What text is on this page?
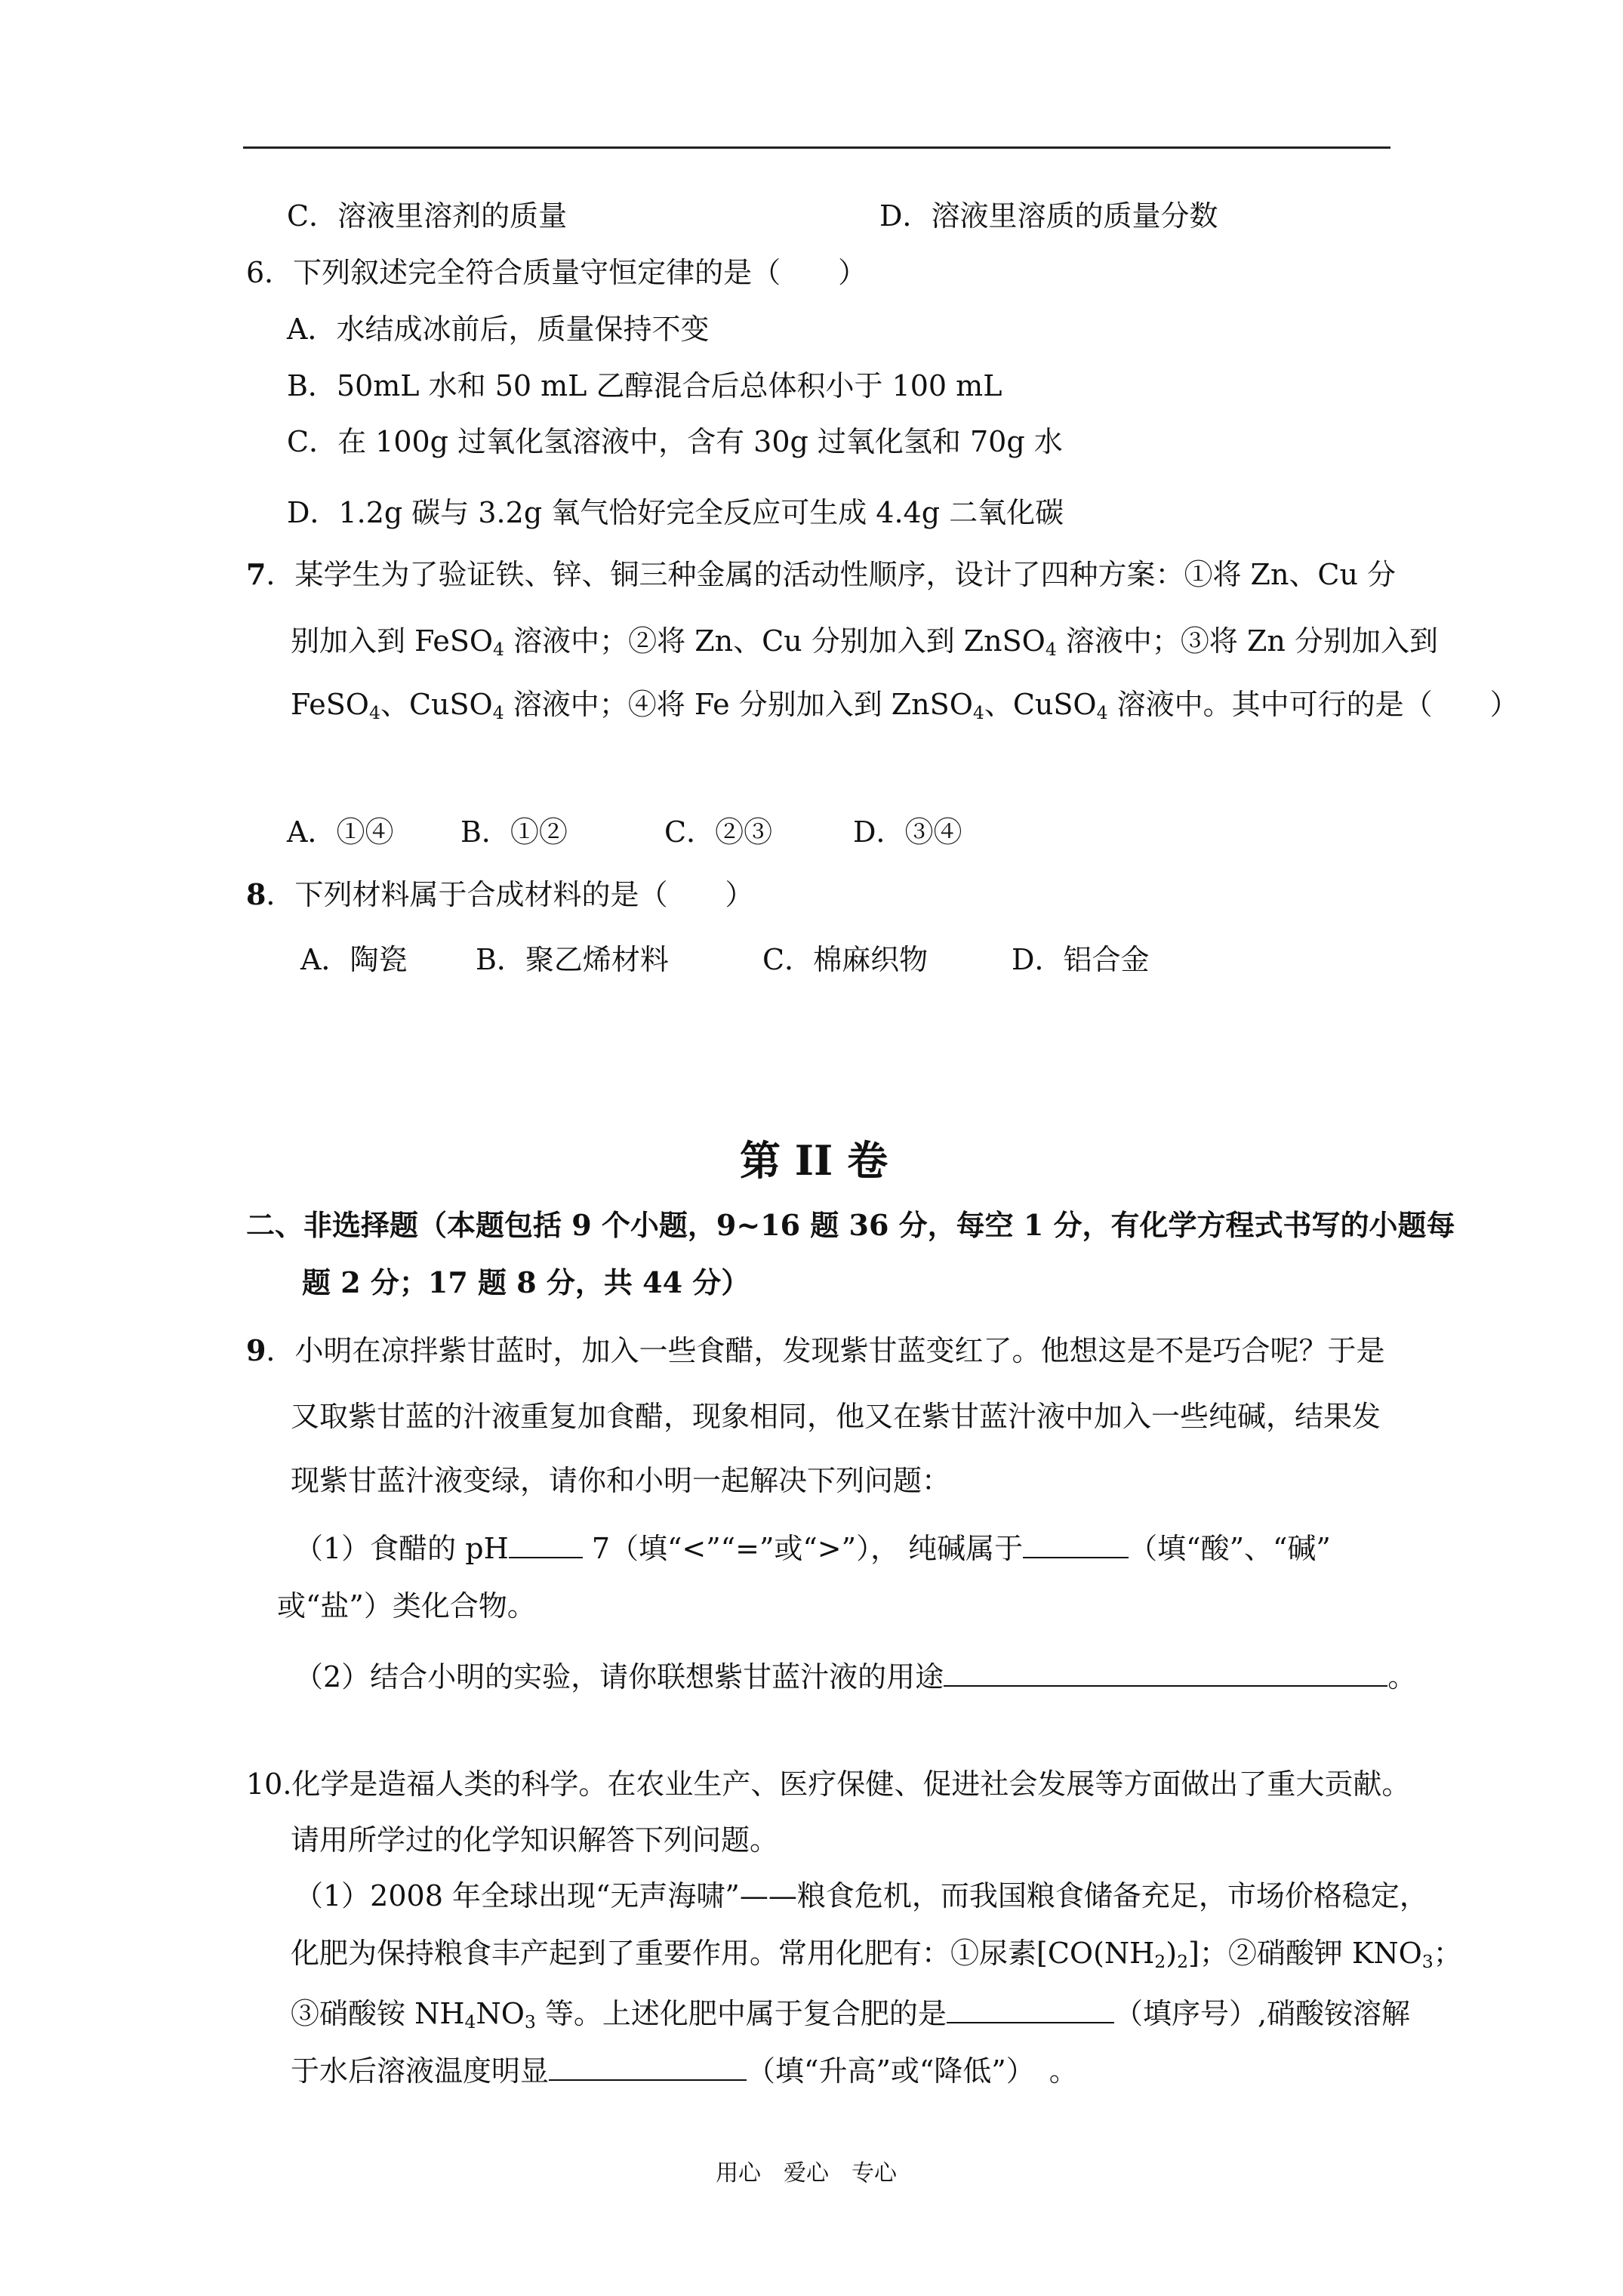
C．溶液里溶剂的质量	D．溶液里溶质的质量分数
6．下列叙述完全符合质量守恒定律的是（　　）
A．水结成冰前后，质量保持不变
B．50mL 水和 50 mL 乙醇混合后总体积小于 100 mL
C．在 100g 过氧化氢溶液中，含有 30g 过氧化氢和 70g 水
D．1.2g 碳与 3.2g 氧气恰好完全反应可生成 4.4g 二氧化碳
7．某学生为了验证铁、锌、铜三种金属的活动性顺序，设计了四种方案：①将 Zn、Cu 分
别加入到 FeSO$_4$ 溶液中；②将 Zn、Cu 分别加入到 ZnSO$_4$ 溶液中；③将 Zn 分别加入到
FeSO$_4$、CuSO$_4$ 溶液中；④将 Fe 分别加入到 ZnSO$_4$、CuSO$_4$ 溶液中。其中可行的是（　　）
A．①④ B．①②	C．②③	D．③④
8．下列材料属于合成材料的是（　　）
A．陶瓷 B．聚乙烯材料	C．棉麻织物	D．铝合金
第 II 卷
二、非选择题（本题包括 9 个小题，9~16 题 36 分，每空 1 分，有化学方程式书写的小题每
题 2 分；17 题 8 分，共 44 分）
9．小明在凉拌紫甘蓝时，加入一些食醋，发现紫甘蓝变红了。他想这是不是巧合呢？于是
又取紫甘蓝的汁液重复加食醋，现象相同，他又在紫甘蓝汁液中加入一些纯碱，结果发
现紫甘蓝汁液变绿，请你和小明一起解决下列问题：
（1）食醋的 pH	7（填“<”“=”或“>”）， 纯碱属于	（填“酸”、“碱”
或“盐”）类化合物。
（2）结合小明的实验，请你联想紫甘蓝汁液的用途	。
10.化学是造福人类的科学。在农业生产、医疗保健、促进社会发展等方面做出了重大贡献。
请用所学过的化学知识解答下列问题。
（1）2008 年全球出现“无声海啸”——粮食危机，而我国粮食储备充足，市场价格稳定，
化肥为保持粮食丰产起到了重要作用。常用化肥有：①尿素$[CO(NH_2)_2]$；②硝酸钾 $KNO_3$；
③硝酸铵 $NH_4NO_3$ 等。上述化肥中属于复合肥的是	（填序号）,硝酸铵溶解
于水后溶液温度明显	（填“升高”或“降低”）　。
用心　爱心　专心
